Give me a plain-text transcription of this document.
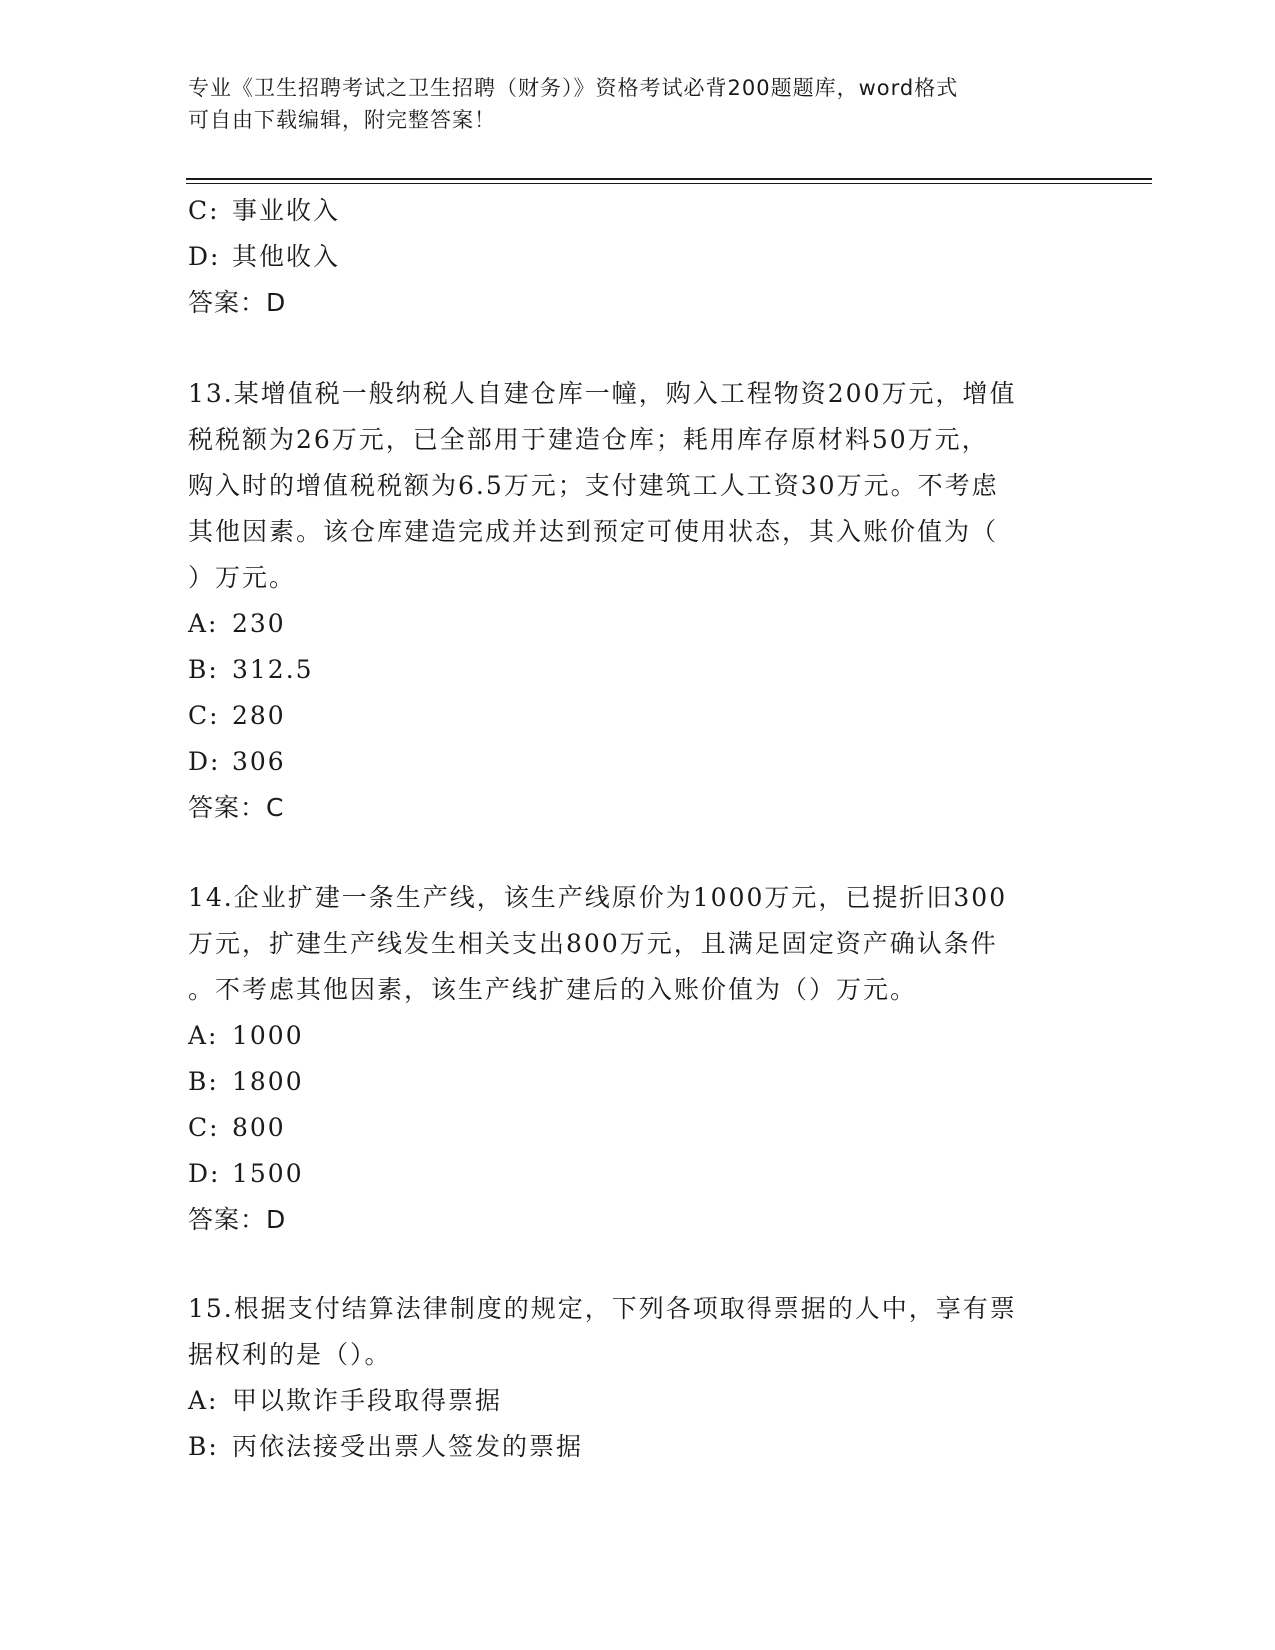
专业《卫生招聘考试之卫生招聘（财务）》资格考试必背200题题库，word格式
可自由下载编辑，附完整答案！
C: 事业收入
D: 其他收入
答案：D
13.某增值税一般纳税人自建仓库一幢，购入工程物资200万元，增值
税税额为26万元，已全部用于建造仓库；耗用库存原材料50万元，
购入时的增值税税额为6.5万元；支付建筑工人工资30万元。不考虑
其他因素。该仓库建造完成并达到预定可使用状态，其入账价值为（
）万元。
A: 230
B: 312.5
C: 280
D: 306
答案：C
14.企业扩建一条生产线，该生产线原价为1000万元，已提折旧300
万元，扩建生产线发生相关支出800万元，且满足固定资产确认条件
。不考虑其他因素，该生产线扩建后的入账价值为（）万元。
A: 1000
B: 1800
C: 800
D: 1500
答案：D
15.根据支付结算法律制度的规定，下列各项取得票据的人中，享有票
据权利的是（）。
A: 甲以欺诈手段取得票据
B: 丙依法接受出票人签发的票据
